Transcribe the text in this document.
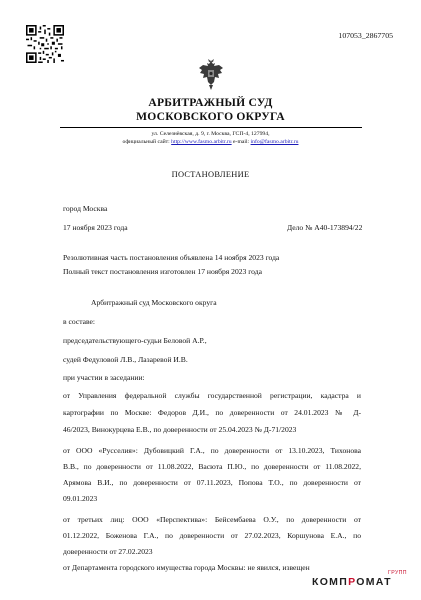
107053_2867705
АРБИТРАЖНЫЙ СУД
МОСКОВСКОГО ОКРУГА
ул. Селезнёвская, д. 9, г. Москва, ГСП-4, 127994,
официальный сайт: http://www.fasmo.arbitr.ru e-mail: info@fasmo.arbitr.ru
ПОСТАНОВЛЕНИЕ
город Москва
17 ноября 2023 года	Дело № А40-173894/22
Резолютивная часть постановления объявлена 14 ноября 2023 года
Полный текст постановления изготовлен 17 ноября 2023 года
Арбитражный суд Московского округа
в составе:
председательствующего-судьи Беловой А.Р.,
судей Федуловой Л.В., Лазаревой И.В.
при участии в заседании:
от Управления федеральной службы государственной регистрации, кадастра и
картографии по Москве: Федоров Д.И., по доверенности от 24.01.2023 № Д-
46/2023, Винокурцева Е.В., по доверенности от 25.04.2023 № Д-71/2023
от ООО «Русселия»: Дубовицкий Г.А., по доверенности от 13.10.2023, Тихонова
В.В., по доверенности от 11.08.2022, Васюта П.Ю., по доверенности от 11.08.2022,
Арямова В.И., по доверенности от 07.11.2023, Попова Т.О., по доверенности от
09.01.2023
от третьих лиц: ООО «Перспектива»: Бейсембаева О.У., по доверенности от
01.12.2022, Боженова Г.А., по доверенности от 27.02.2023, Коршунова Е.А., по
доверенности от 27.02.2023
от Департамента городского имущества города Москвы: не явился, извещен
ГРУПП
КОМПРОМАТ
